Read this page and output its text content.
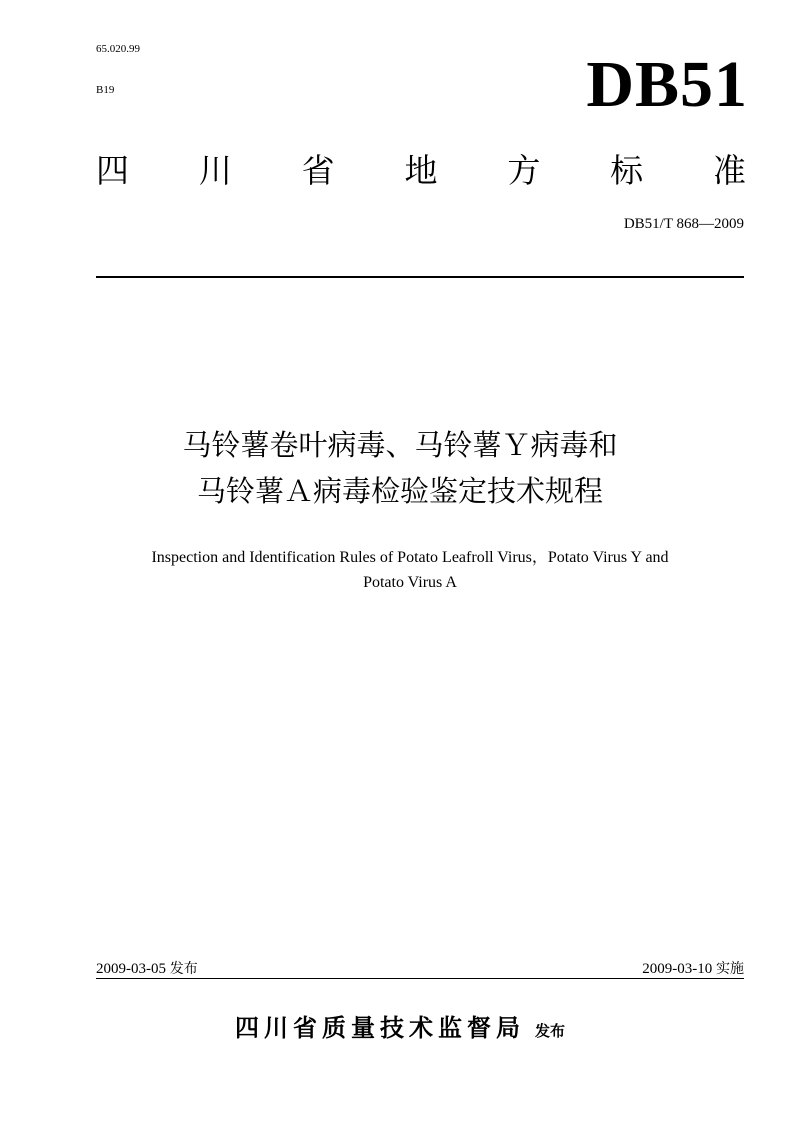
65.020.99
B19	DB51
四 川 省 地 方 标 准
DB51/T 868—2009
马铃薯卷叶病毒、马铃薯Ｙ病毒和
马铃薯Ａ病毒检验鉴定技术规程
Inspection and Identification Rules of Potato Leafroll Virus，Potato Virus Y and
Potato Virus A
2009-03-05 发布	2009-03-10 实施
四川省质量技术监督局 发布
